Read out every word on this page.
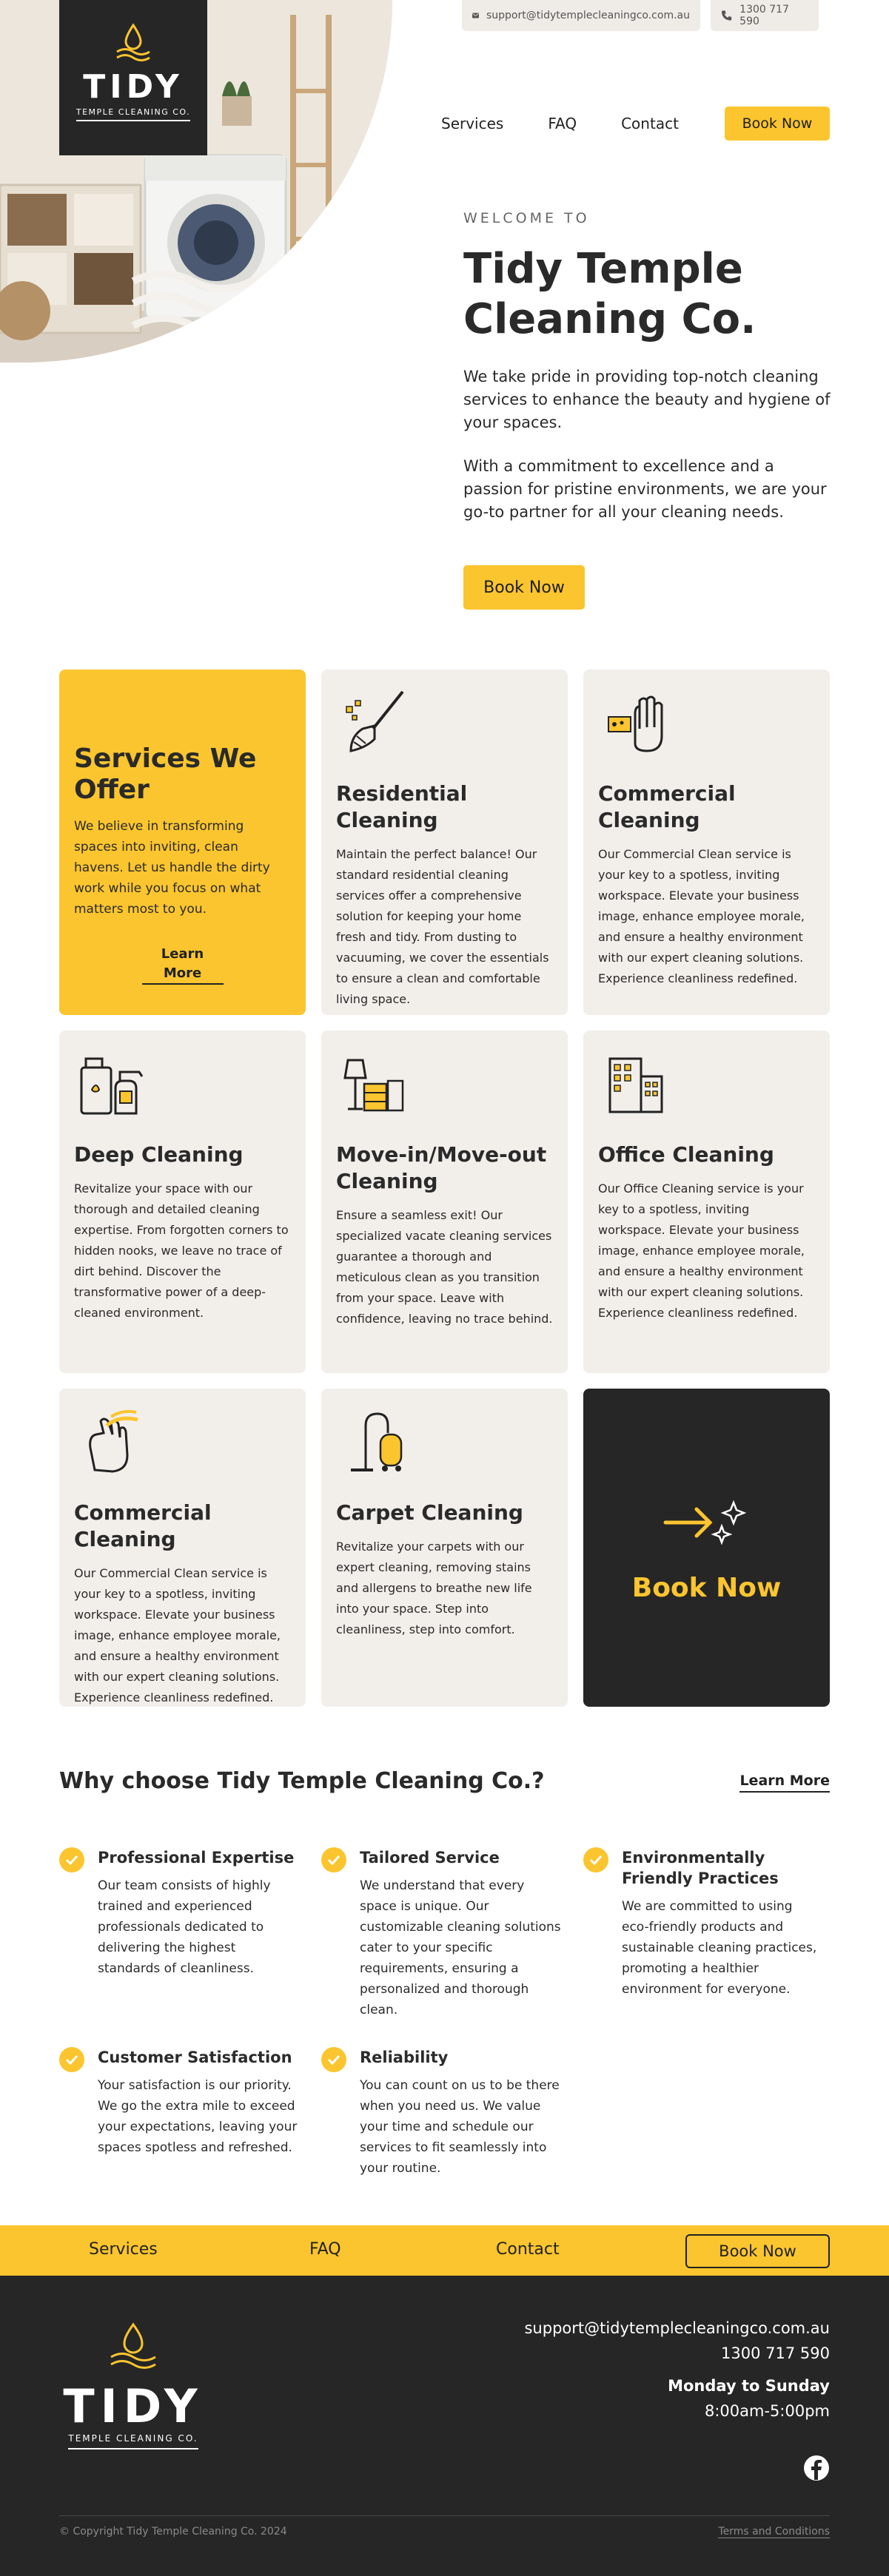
TIDY
TEMPLE CLEANING CO.
support@tidytemplecleaningco.com.au	1300 717 590
Services	FAQ	Contact	Book Now
WELCOME TO
Tidy Temple Cleaning Co.

We take pride in providing top-notch cleaning services to enhance the beauty and hygiene of your spaces.

With a commitment to excellence and a passion for pristine environments, we are your go-to partner for all your cleaning needs.

Book Now
Services We Offer

We believe in transforming spaces into inviting, clean havens. Let us handle the dirty work while you focus on what matters most to you.

Learn More
Residential Cleaning

Maintain the perfect balance! Our standard residential cleaning services offer a comprehensive solution for keeping your home fresh and tidy. From dusting to vacuuming, we cover the essentials to ensure a clean and comfortable living space.

Commercial Cleaning

Our Commercial Clean service is your key to a spotless, inviting workspace. Elevate your business image, enhance employee morale, and ensure a healthy environment with our expert cleaning solutions. Experience cleanliness redefined.

Deep Cleaning

Revitalize your space with our thorough and detailed cleaning expertise. From forgotten corners to hidden nooks, we leave no trace of dirt behind. Discover the transformative power of a deep-cleaned environment.

Move-in/Move-out Cleaning

Ensure a seamless exit! Our specialized vacate cleaning services guarantee a thorough and meticulous clean as you transition from your space. Leave with confidence, leaving no trace behind.

Office Cleaning

Our Office Cleaning service is your key to a spotless, inviting workspace. Elevate your business image, enhance employee morale, and ensure a healthy environment with our expert cleaning solutions. Experience cleanliness redefined.

Commercial Cleaning

Our Commercial Clean service is your key to a spotless, inviting workspace. Elevate your business image, enhance employee morale, and ensure a healthy environment with our expert cleaning solutions. Experience cleanliness redefined.

Carpet Cleaning

Revitalize your carpets with our expert cleaning, removing stains and allergens to breathe new life into your space. Step into cleanliness, step into comfort.

Book Now
Why choose Tidy Temple Cleaning Co.?	Learn More
Professional Expertise

Our team consists of highly trained and experienced professionals dedicated to delivering the highest standards of cleanliness.

Tailored Service

We understand that every space is unique. Our customizable cleaning solutions cater to your specific requirements, ensuring a personalized and thorough clean.

Environmentally Friendly Practices

We are committed to using eco-friendly products and sustainable cleaning practices, promoting a healthier environment for everyone.

Customer Satisfaction

Your satisfaction is our priority. We go the extra mile to exceed your expectations, leaving your spaces spotless and refreshed.

Reliability

You can count on us to be there when you need us. We value your time and schedule our services to fit seamlessly into your routine.

Services	FAQ	Contact	Book Now
TIDY
TEMPLE CLEANING CO.
support@tidytemplecleaningco.com.au
1300 717 590
Monday to Sunday
8:00am-5:00pm
© Copyright Tidy Temple Cleaning Co. 2024	Terms and Conditions
